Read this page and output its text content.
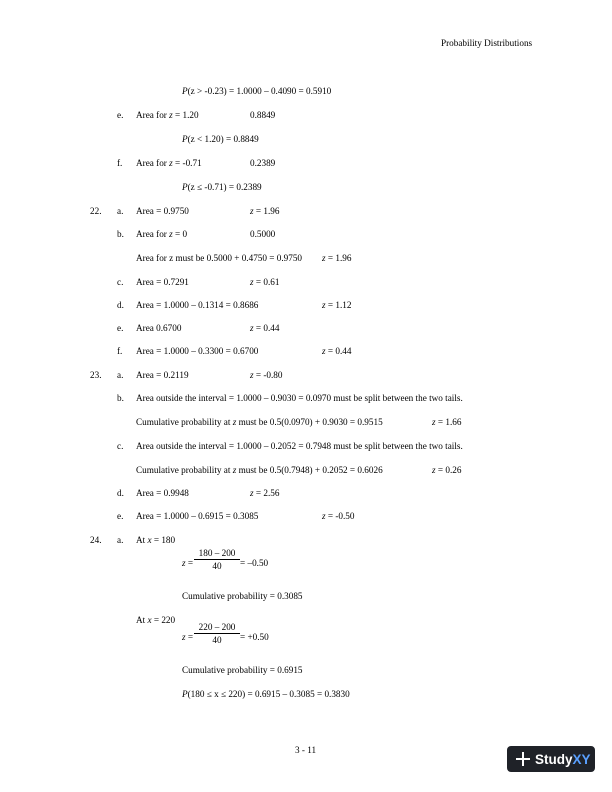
Probability Distributions
P(z > -0.23) = 1.0000 – 0.4090 = 0.5910
e. Area for z = 1.20	0.8849
P(z < 1.20) = 0.8849
f. Area for z = -0.71	0.2389
P(z ≤ -0.71) = 0.2389
22. a. Area = 0.9750	z = 1.96
b. Area for z = 0	0.5000
Area for z must be 0.5000 + 0.4750 = 0.9750 z = 1.96
c. Area = 0.7291	z = 0.61
d. Area = 1.0000 – 0.1314 = 0.8686	z = 1.12
e. Area 0.6700	z = 0.44
f. Area = 1.0000 – 0.3300 = 0.6700	z = 0.44
23. a. Area = 0.2119	z = -0.80
b. Area outside the interval = 1.0000 – 0.9030 = 0.0970 must be split between the two tails.
Cumulative probability at z must be 0.5(0.0970) + 0.9030 = 0.9515	z = 1.66
c. Area outside the interval = 1.0000 – 0.2052 = 0.7948 must be split between the two tails.
Cumulative probability at z must be 0.5(0.7948) + 0.2052 = 0.6026	z = 0.26
d. Area = 0.9948	z = 2.56
e. Area = 1.0000 – 0.6915 = 0.3085	z = -0.50
24. a. At x = 180
$z = \frac{180 - 200}{40} = -0.50$
Cumulative probability = 0.3085
At x = 220
$z = \frac{220 - 200}{40} = +0.50$
Cumulative probability = 0.6915
P(180 ≤ x ≤ 220) = 0.6915 – 0.3085 = 0.3830
3 - 11
Study XY
